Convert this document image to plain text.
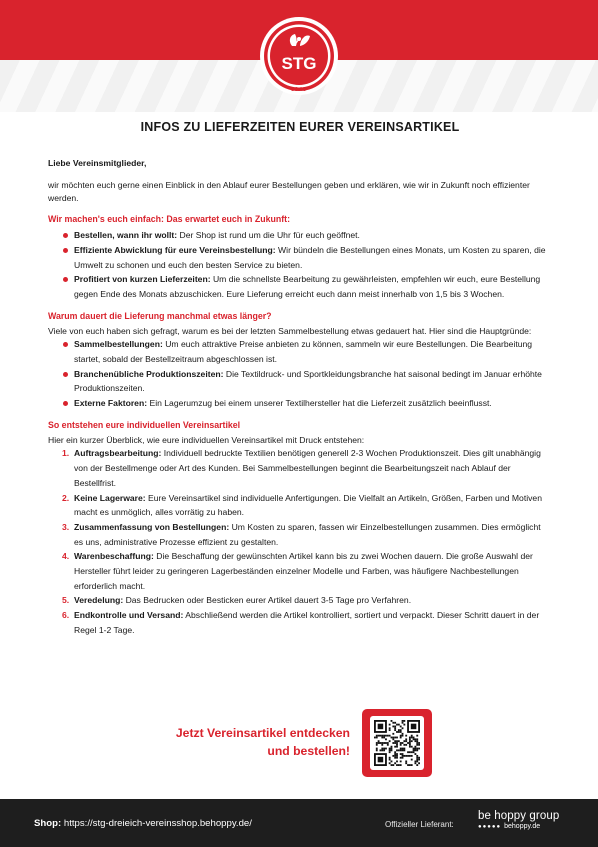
STG
1848
INFOS ZU LIEFERZEITEN EURER VEREINSARTIKEL
Liebe Vereinsmitglieder,

wir möchten euch gerne einen Einblick in den Ablauf eurer Bestellungen geben und erklären, wie wir in Zukunft noch effizienter werden.

Wir machen's euch einfach: Das erwartet euch in Zukunft:
Bestellen, wann ihr wollt: Der Shop ist rund um die Uhr für euch geöffnet.
Effiziente Abwicklung für eure Vereinsbestellung: Wir bündeln die Bestellungen eines Monats, um Kosten zu sparen, die Umwelt zu schonen und euch den besten Service zu bieten.
Profitiert von kurzen Lieferzeiten: Um die schnellste Bearbeitung zu gewährleisten, empfehlen wir euch, eure Bestellung gegen Ende des Monats abzuschicken. Eure Lieferung erreicht euch dann meist innerhalb von 1,5 bis 3 Wochen.
Warum dauert die Lieferung manchmal etwas länger?

Viele von euch haben sich gefragt, warum es bei der letzten Sammelbestellung etwas gedauert hat. Hier sind die Hauptgründe:

Sammelbestellungen: Um euch attraktive Preise anbieten zu können, sammeln wir eure Bestellungen. Die Bearbeitung startet, sobald der Bestellzeitraum abgeschlossen ist.
Branchenübliche Produktionszeiten: Die Textildruck- und Sportkleidungsbranche hat saisonal bedingt im Januar erhöhte Produktionszeiten.
Externe Faktoren: Ein Lagerumzug bei einem unserer Textilhersteller hat die Lieferzeit zusätzlich beeinflusst.
So entstehen eure individuellen Vereinsartikel

Hier ein kurzer Überblick, wie eure individuellen Vereinsartikel mit Druck entstehen:

1. Auftragsbearbeitung: Individuell bedruckte Textilien benötigen generell 2-3 Wochen Produktionszeit. Dies gilt unabhängig von der Bestellmenge oder Art des Kunden. Bei Sammelbestellungen beginnt die Bearbeitungszeit nach Ablauf der Bestellfrist.
2. Keine Lagerware: Eure Vereinsartikel sind individuelle Anfertigungen. Die Vielfalt an Artikeln, Größen, Farben und Motiven macht es unmöglich, alles vorrätig zu haben.
3. Zusammenfassung von Bestellungen: Um Kosten zu sparen, fassen wir Einzelbestellungen zusammen. Dies ermöglicht es uns, administrative Prozesse effizient zu gestalten.
4. Warenbeschaffung: Die Beschaffung der gewünschten Artikel kann bis zu zwei Wochen dauern. Die große Auswahl der Hersteller führt leider zu geringeren Lagerbeständen einzelner Modelle und Farben, was häufigere Nachbestellungen erforderlich macht.
5. Veredelung: Das Bedrucken oder Besticken eurer Artikel dauert 3-5 Tage pro Verfahren.
6. Endkontrolle und Versand: Abschließend werden die Artikel kontrolliert, sortiert und verpackt. Dieser Schritt dauert in der Regel 1-2 Tage.
Jetzt Vereinsartikel entdecken
und bestellen!
Shop: https://stg-dreieich-vereinsshop.behoppy.de/	Offizieller Lieferant:
be hoppy group
●●●●● behoppy.de
